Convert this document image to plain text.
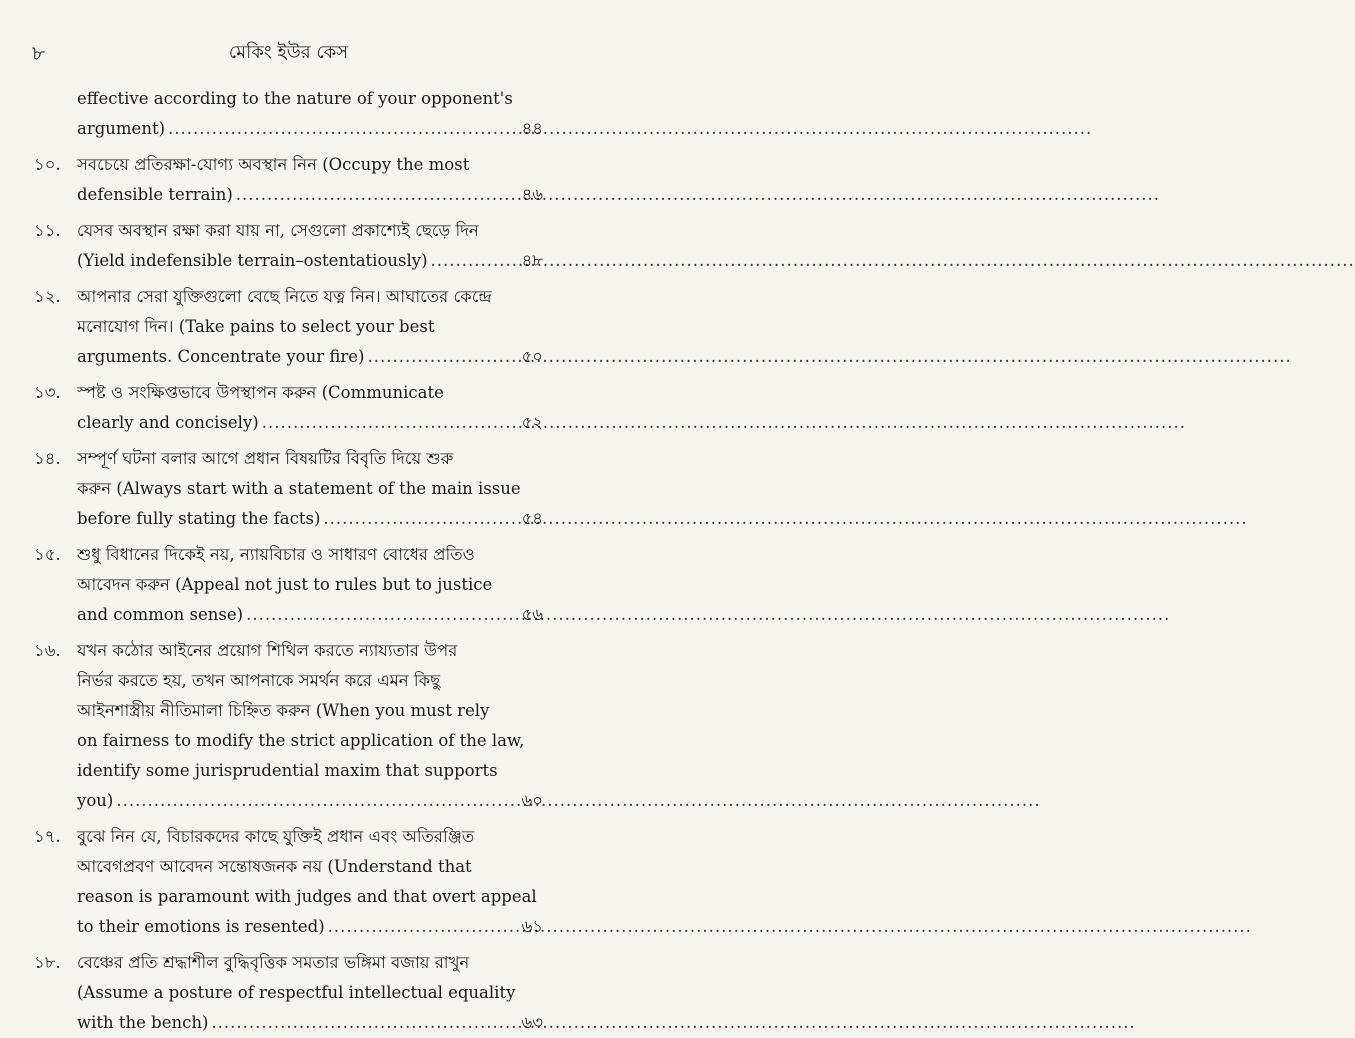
৮	মেকিং ইউর কেস
effective according to the nature of your opponent's
argument) .....	৪৪
১০. সবচেয়ে প্রতিরক্ষা-যোগ্য অবস্থান নিন (Occupy the most
defensible terrain) .....	৪৬
১১. যেসব অবস্থান রক্ষা করা যায় না, সেগুলো প্রকাশ্যেই ছেড়ে দিন
(Yield indefensible terrain–ostentatiously) .....	৪৮
১২. আপনার সেরা যুক্তিগুলো বেছে নিতে যত্ন নিন। আঘাতের কেন্দ্রে
মনোযোগ দিন। (Take pains to select your best
arguments. Concentrate your fire) .....	৫০
১৩. স্পষ্ট ও সংক্ষিপ্তভাবে উপস্থাপন করুন (Communicate
clearly and concisely) .....	৫২
১৪. সম্পূর্ণ ঘটনা বলার আগে প্রধান বিষয়টির বিবৃতি দিয়ে শুরু
করুন (Always start with a statement of the main issue
before fully stating the facts) .....	৫৪
১৫. শুধু বিধানের দিকেই নয়, ন্যায়বিচার ও সাধারণ বোধের প্রতিও
আবেদন করুন (Appeal not just to rules but to justice
and common sense) .....	৫৬
১৬. যখন কঠোর আইনের প্রয়োগ শিথিল করতে ন্যায্যতার উপর
নির্ভর করতে হয়, তখন আপনাকে সমর্থন করে এমন কিছু
আইনশাস্ত্রীয় নীতিমালা চিহ্নিত করুন (When you must rely
on fairness to modify the strict application of the law,
identify some jurisprudential maxim that supports
you) .....	৬০
১৭. বুঝে নিন যে, বিচারকদের কাছে যুক্তিই প্রধান এবং অতিরঞ্জিত
আবেগপ্রবণ আবেদন সন্তোষজনক নয় (Understand that
reason is paramount with judges and that overt appeal
to their emotions is resented) .....	৬১
১৮. বেঞ্চের প্রতি শ্রদ্ধাশীল বুদ্ধিবৃত্তিক সমতার ভঙ্গিমা বজায় রাখুন
(Assume a posture of respectful intellectual equality
with the bench) .....	৬৩
